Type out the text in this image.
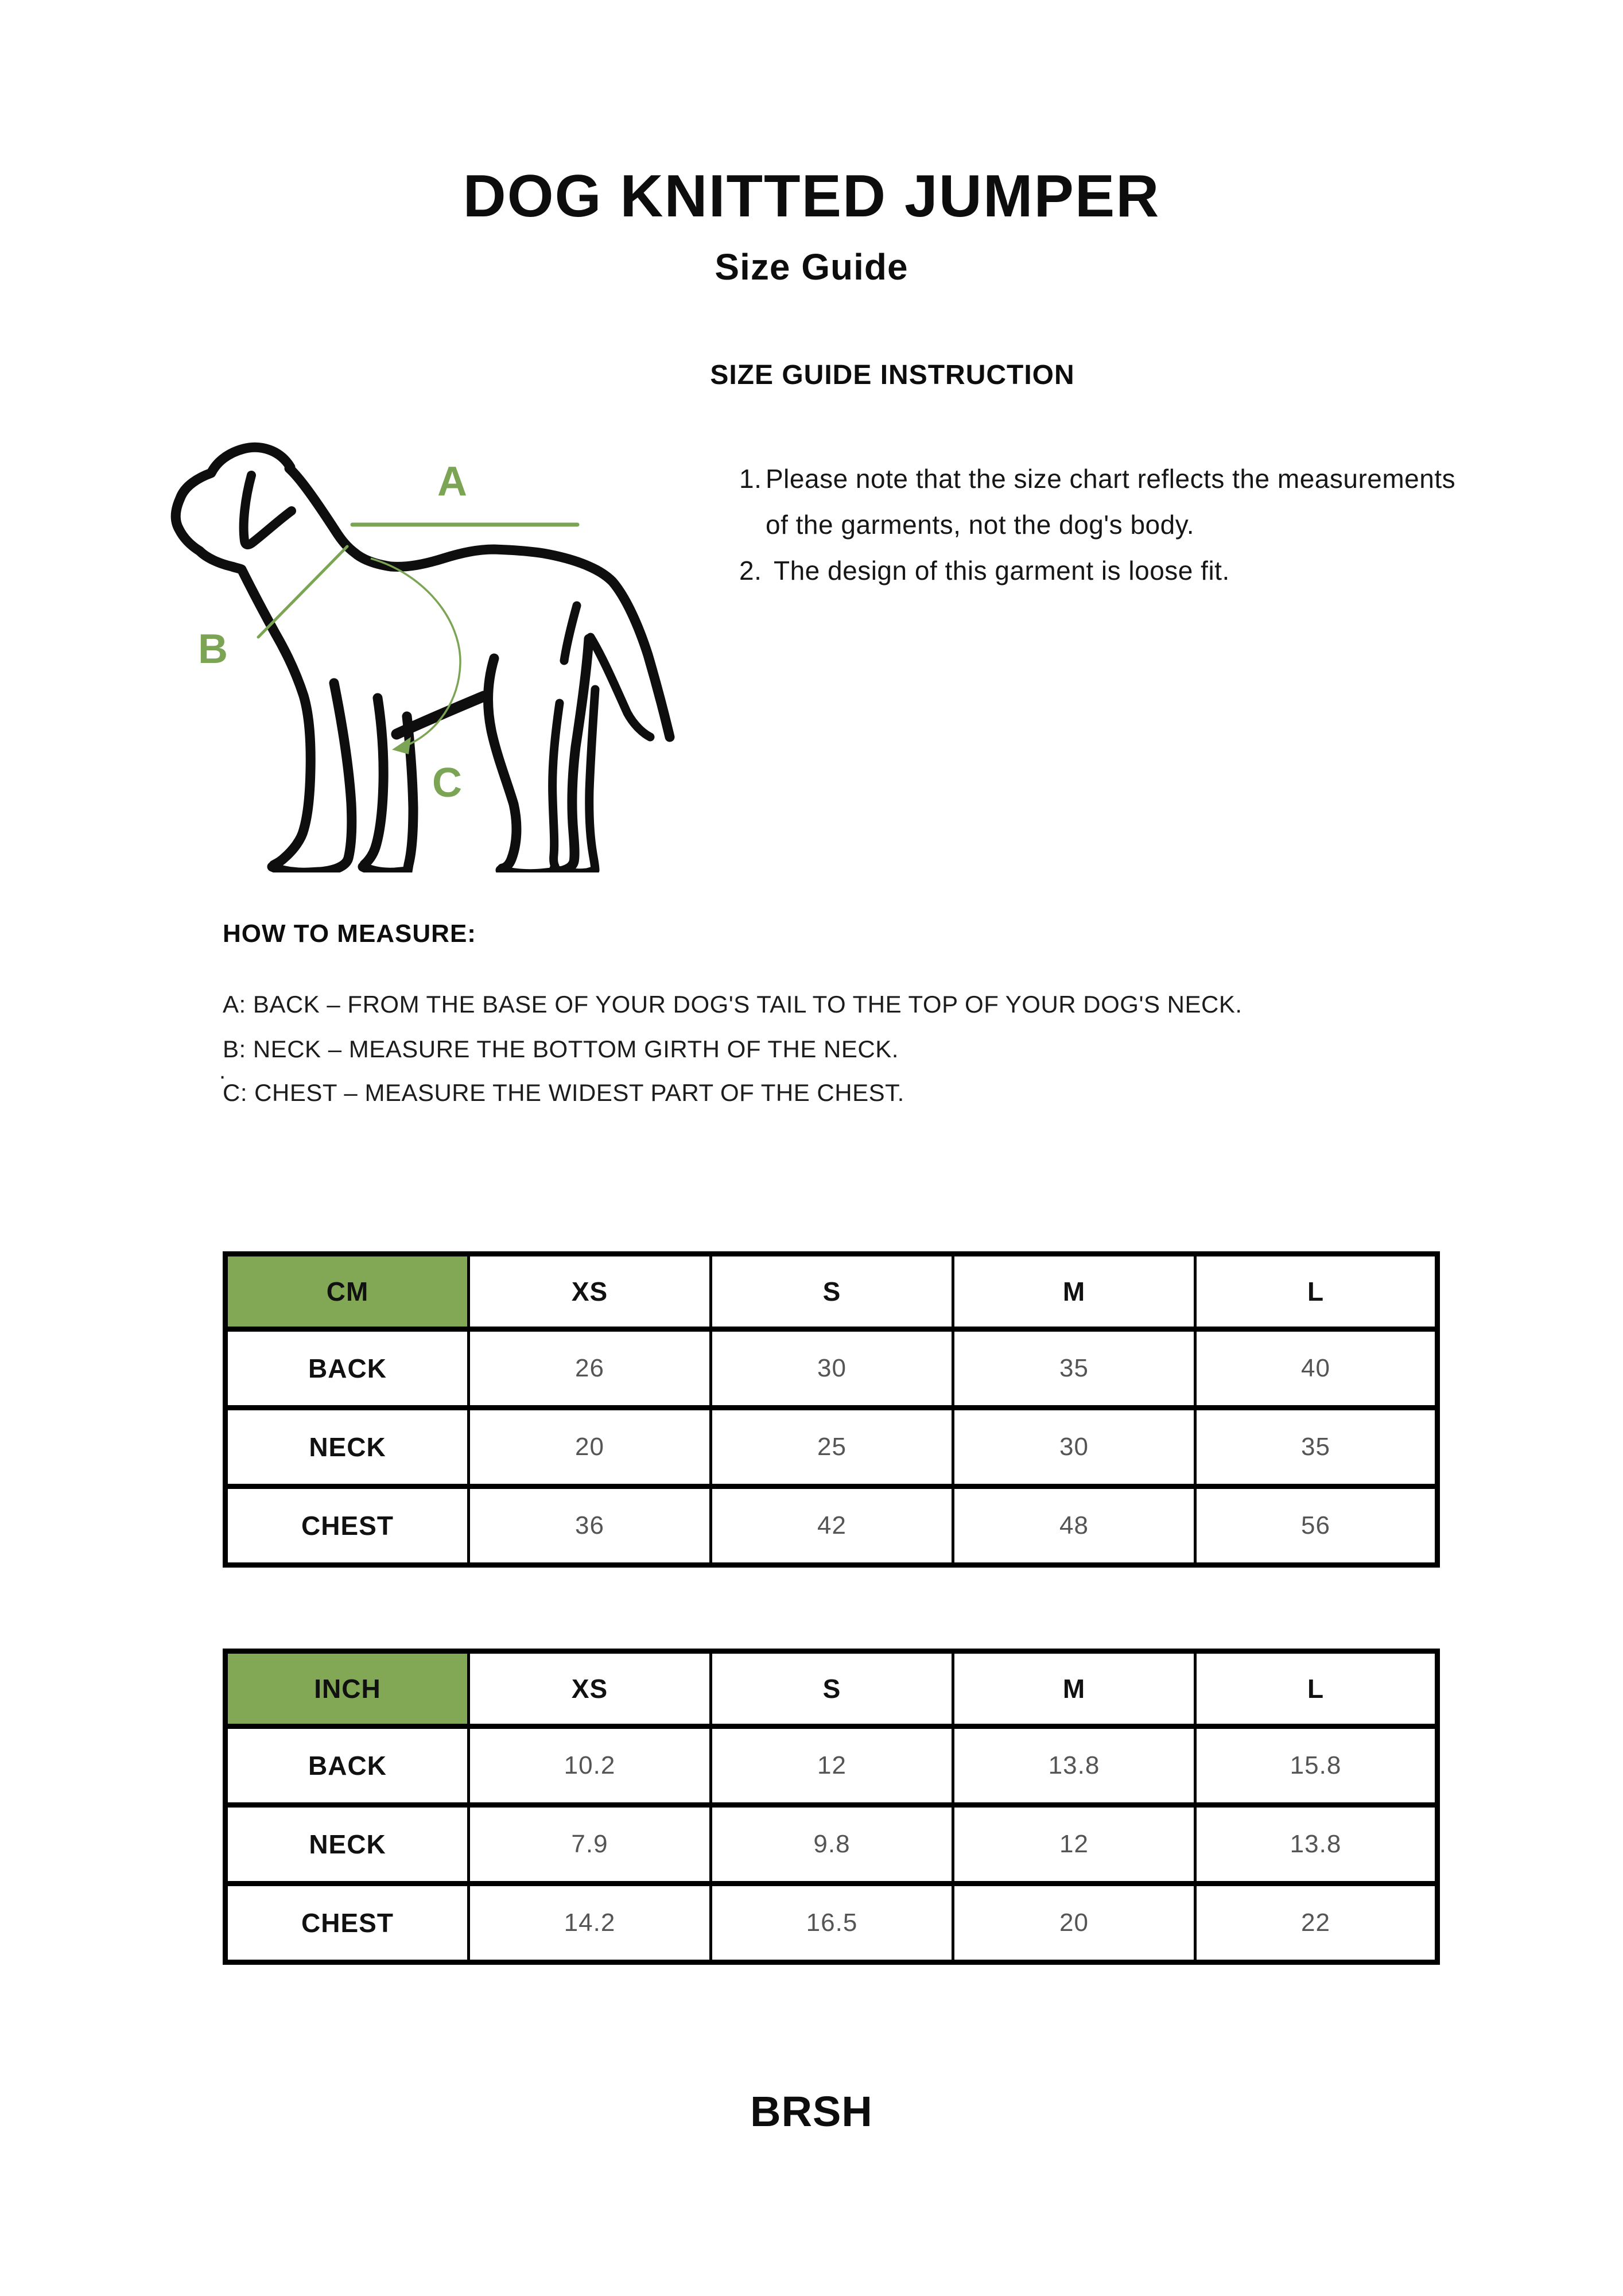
DOG KNITTED JUMPER
Size Guide
SIZE GUIDE INSTRUCTION
A
B
C
1. Please note that the size chart reflects the measurements
of the garments, not the dog's body.
2. The design of this garment is loose fit.
HOW TO MEASURE:
A: BACK – FROM THE BASE OF YOUR DOG'S TAIL TO THE TOP OF YOUR DOG'S NECK.
B: NECK – MEASURE THE BOTTOM GIRTH OF THE NECK.
.
C: CHEST – MEASURE THE WIDEST PART OF THE CHEST.
CM	XS	S	M	L
BACK	26	30	35	40
NECK	20	25	30	35
CHEST	36	42	48	56
INCH	XS	S	M	L
BACK	10.2	12	13.8	15.8
NECK	7.9	9.8	12	13.8
CHEST	14.2	16.5	20	22
BRSH
